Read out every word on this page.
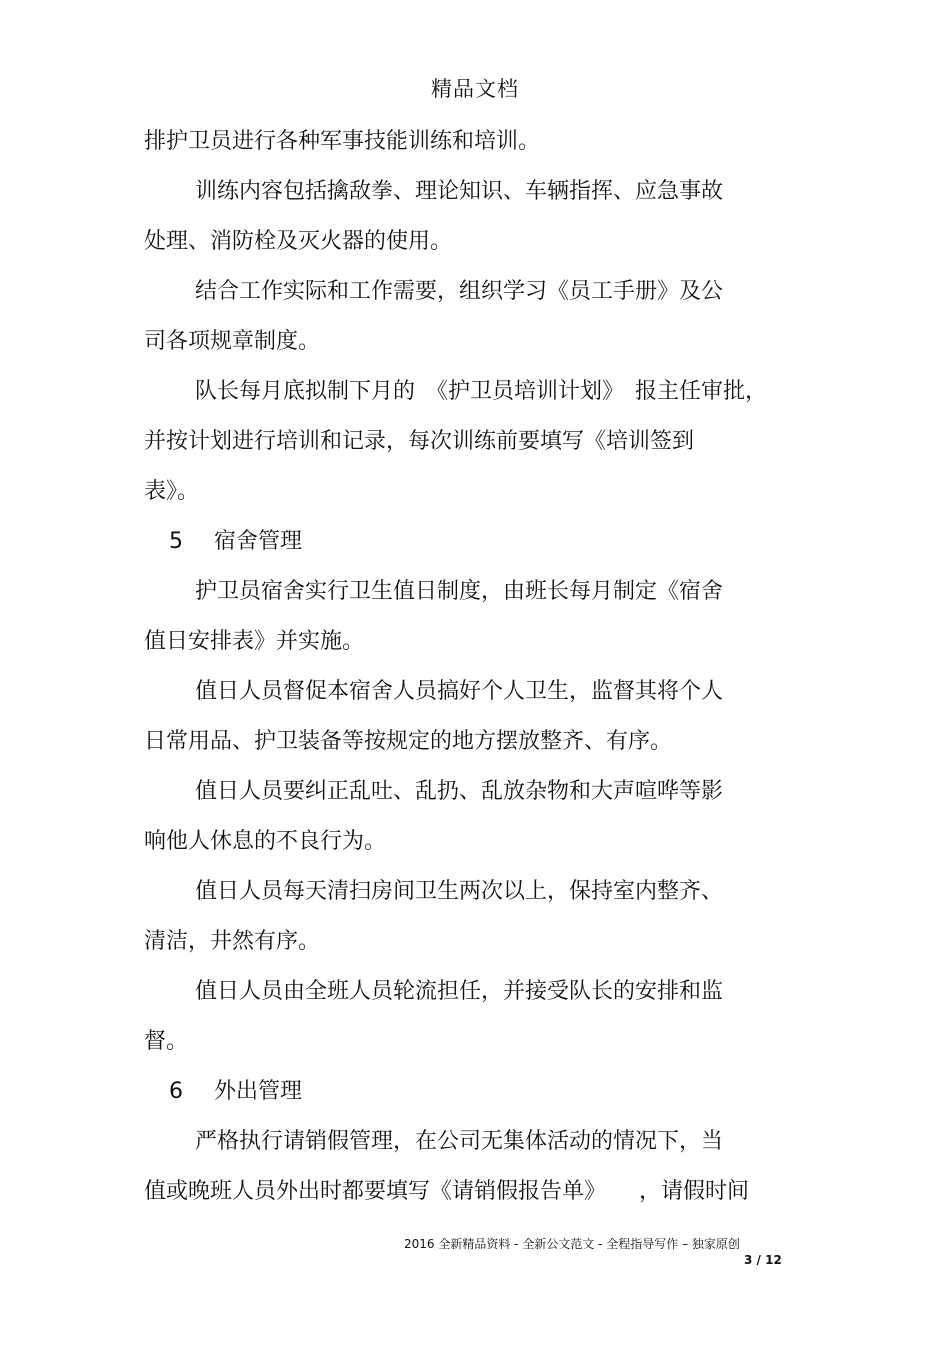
精品文档
排护卫员进行各种军事技能训练和培训。
训练内容包括擒敌拳、理论知识、车辆指挥、应急事故
处理、消防栓及灭火器的使用。
结合工作实际和工作需要，组织学习《员工手册》及公
司各项规章制度。
队长每月底拟制下月的　《护卫员培训计划》　报主任审批，
并按计划进行培训和记录，每次训练前要填写《培训签到
表》。
5 宿舍管理
护卫员宿舍实行卫生值日制度，由班长每月制定《宿舍
值日安排表》并实施。
值日人员督促本宿舍人员搞好个人卫生，监督其将个人
日常用品、护卫装备等按规定的地方摆放整齐、有序。
值日人员要纠正乱吐、乱扔、乱放杂物和大声喧哗等影
响他人休息的不良行为。
值日人员每天清扫房间卫生两次以上，保持室内整齐、
清洁，井然有序。
值日人员由全班人员轮流担任，并接受队长的安排和监
督。
6 外出管理
严格执行请销假管理，在公司无集体活动的情况下，当
值或晚班人员外出时都要填写《请销假报告单》　　，请假时间
2016 全新精品资料 - 全新公文范文 - 全程指导写作 – 独家原创
3 / 12
